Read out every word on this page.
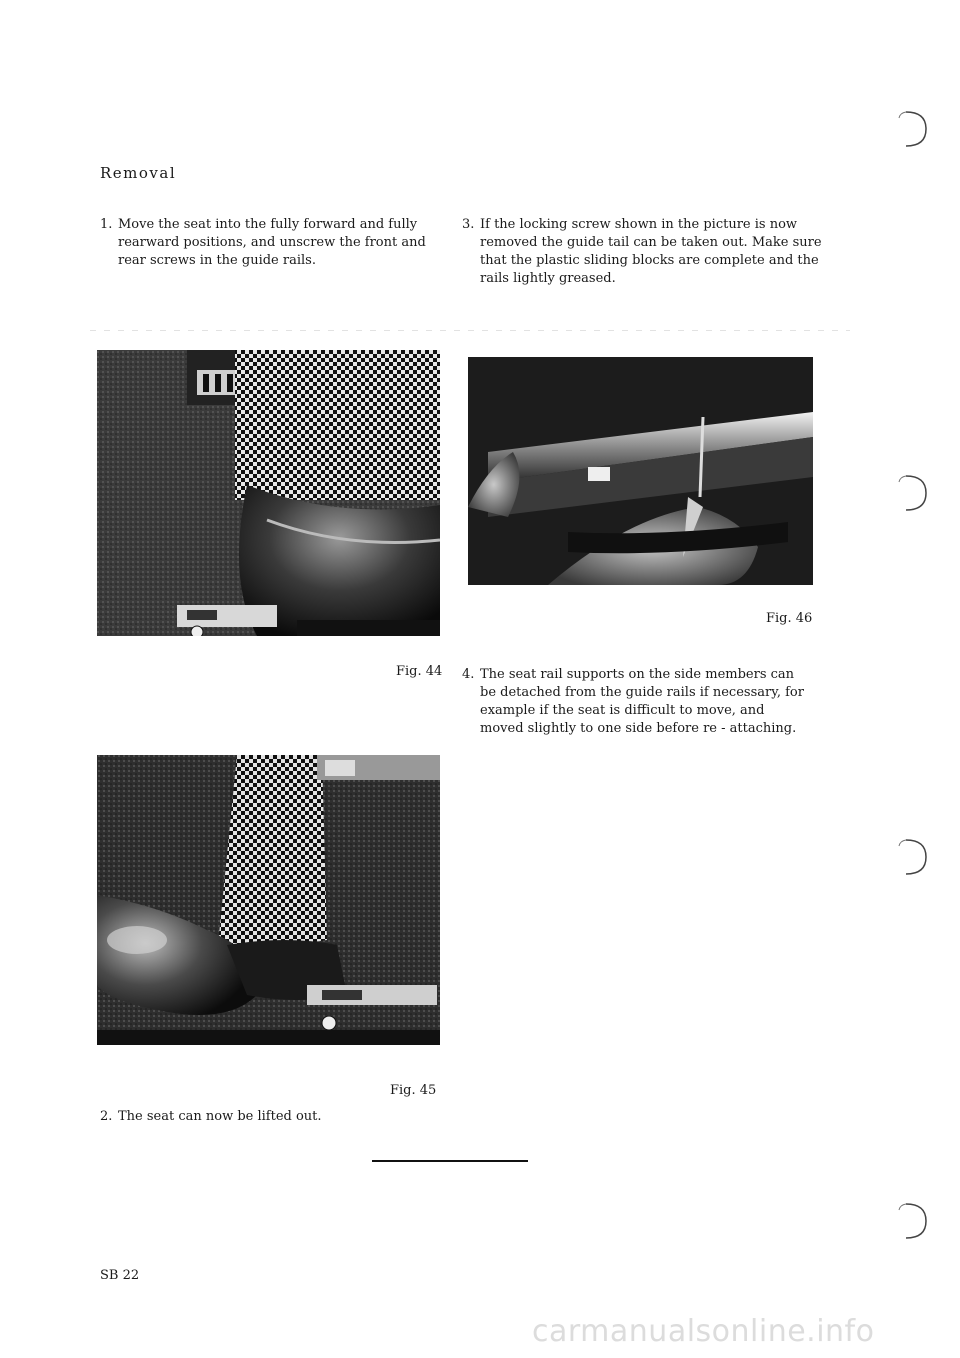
Removal
1. Move the seat into the fully forward and fully rearward positions, and unscrew the front and rear screws in the guide rails.
3. If the locking screw shown in the picture is now removed the guide tail can be taken out. Make sure that the plastic sliding blocks are complete and the rails lightly greased.
Fig. 44
Fig. 45
2. The seat can now be lifted out.
Fig. 46
4. The seat rail supports on the side members can be detached from the guide rails if necessary, for example if the seat is difficult to move, and moved slightly to one side before re - attaching.
SB 22
carmanualsonline.info
